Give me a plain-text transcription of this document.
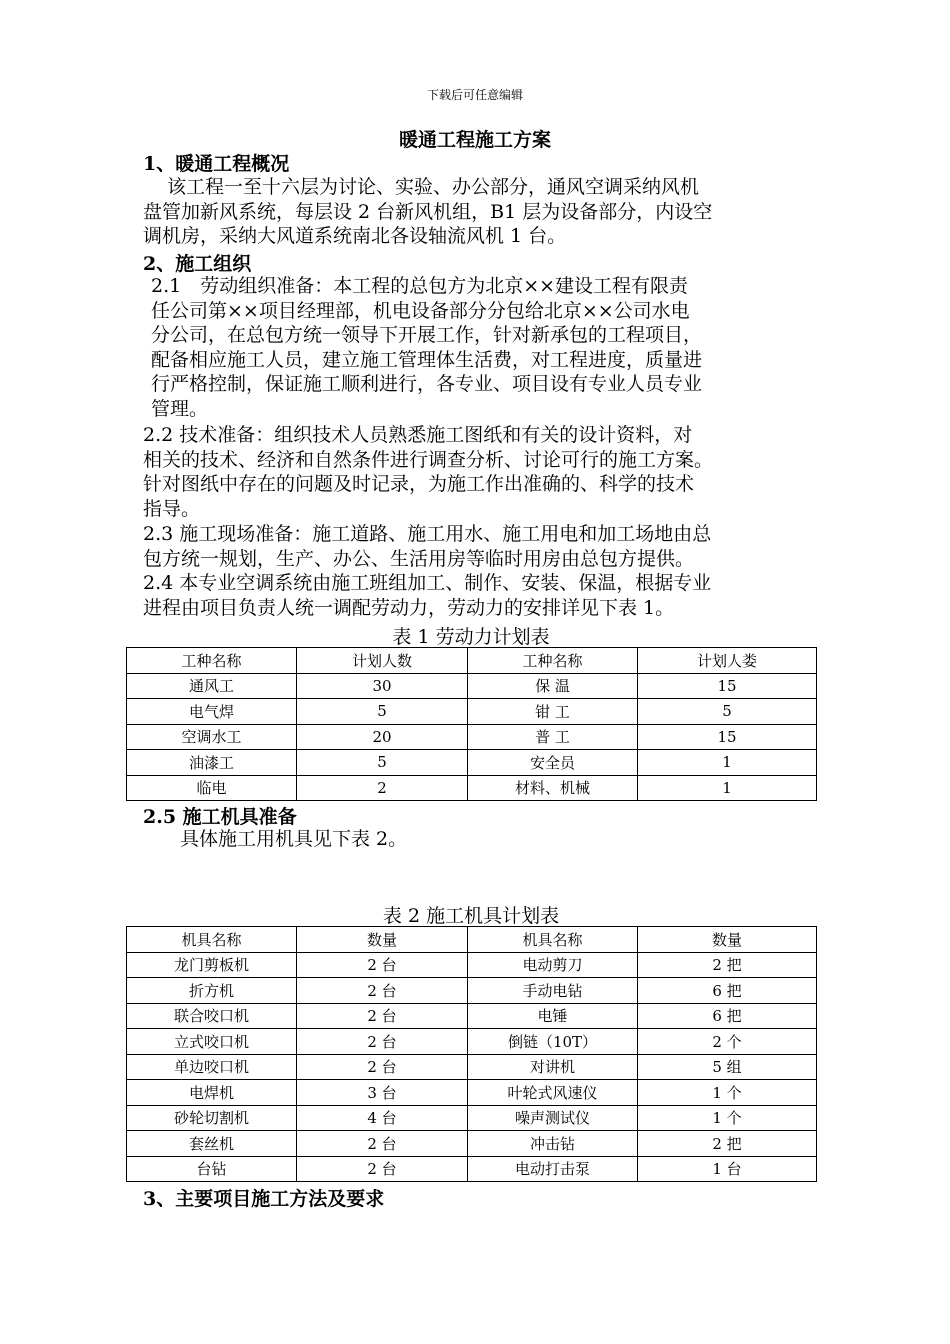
下载后可任意编辑
暖通工程施工方案
1、暖通工程概况
该工程一至十六层为讨论、实验、办公部分，通风空调采纳风机
盘管加新风系统，每层设 2 台新风机组，B1 层为设备部分，内设空
调机房，采纳大风道系统南北各设轴流风机 1 台。
2、施工组织
2.1　劳动组织准备：本工程的总包方为北京××建设工程有限责
任公司第××项目经理部，机电设备部分分包给北京××公司水电
分公司，在总包方统一领导下开展工作，针对新承包的工程项目，
配备相应施工人员，建立施工管理体生活费，对工程进度，质量进
行严格控制，保证施工顺利进行，各专业、项目设有专业人员专业
管理。
2.2 技术准备：组织技术人员熟悉施工图纸和有关的设计资料，对
相关的技术、经济和自然条件进行调查分析、讨论可行的施工方案。
针对图纸中存在的问题及时记录，为施工作出准确的、科学的技术
指导。
2.3 施工现场准备：施工道路、施工用水、施工用电和加工场地由总
包方统一规划，生产、办公、生活用房等临时用房由总包方提供。
2.4 本专业空调系统由施工班组加工、制作、安装、保温，根据专业
进程由项目负责人统一调配劳动力，劳动力的安排详见下表 1。
表 1 劳动力计划表
工种名称	计划人数	工种名称	计划人娄
通风工	30	保 温	15
电气焊	5	钳 工	5
空调水工	20	普 工	15
油漆工	5	安全员	1
临电	2	材料、机械	1
2.5 施工机具准备
具体施工用机具见下表 2。
表 2 施工机具计划表
机具名称	数量	机具名称	数量
龙门剪板机	2 台	电动剪刀	2 把
折方机	2 台	手动电钻	6 把
联合咬口机	2 台	电锤	6 把
立式咬口机	2 台	倒链（10T）	2 个
单边咬口机	2 台	对讲机	5 组
电焊机	3 台	叶轮式风速仪	1 个
砂轮切割机	4 台	噪声测试仪	1 个
套丝机	2 台	冲击钻	2 把
台钻	2 台	电动打击泵	1 台
3、主要项目施工方法及要求
